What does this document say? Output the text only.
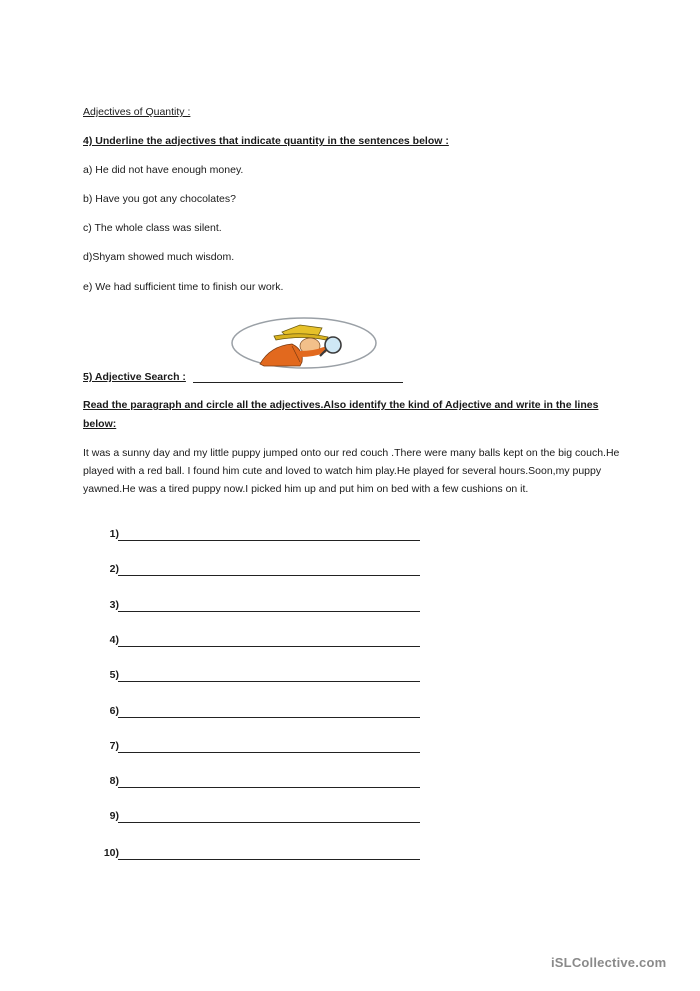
Adjectives of Quantity :
4) Underline the adjectives that indicate quantity in the sentences below :
a) He did not have enough money.
b) Have you got any chocolates?
c) The whole class was silent.
d)Shyam showed much wisdom.
e) We had sufficient time to finish our work.
5) Adjective Search :
Read the paragraph and circle all the adjectives.Also identify the kind of Adjective and write in the lines below:
It was a sunny day and my little puppy jumped onto our red couch .There were many balls kept on the big couch.He played with a red ball. I found him cute and loved to watch him play.He played for several hours.Soon,my puppy yawned.He was a tired puppy now.I picked him up and put him on bed with a few cushions on it.
1)
2)
3)
4)
5)
6)
7)
8)
9)
10)
iSLCollective.com
